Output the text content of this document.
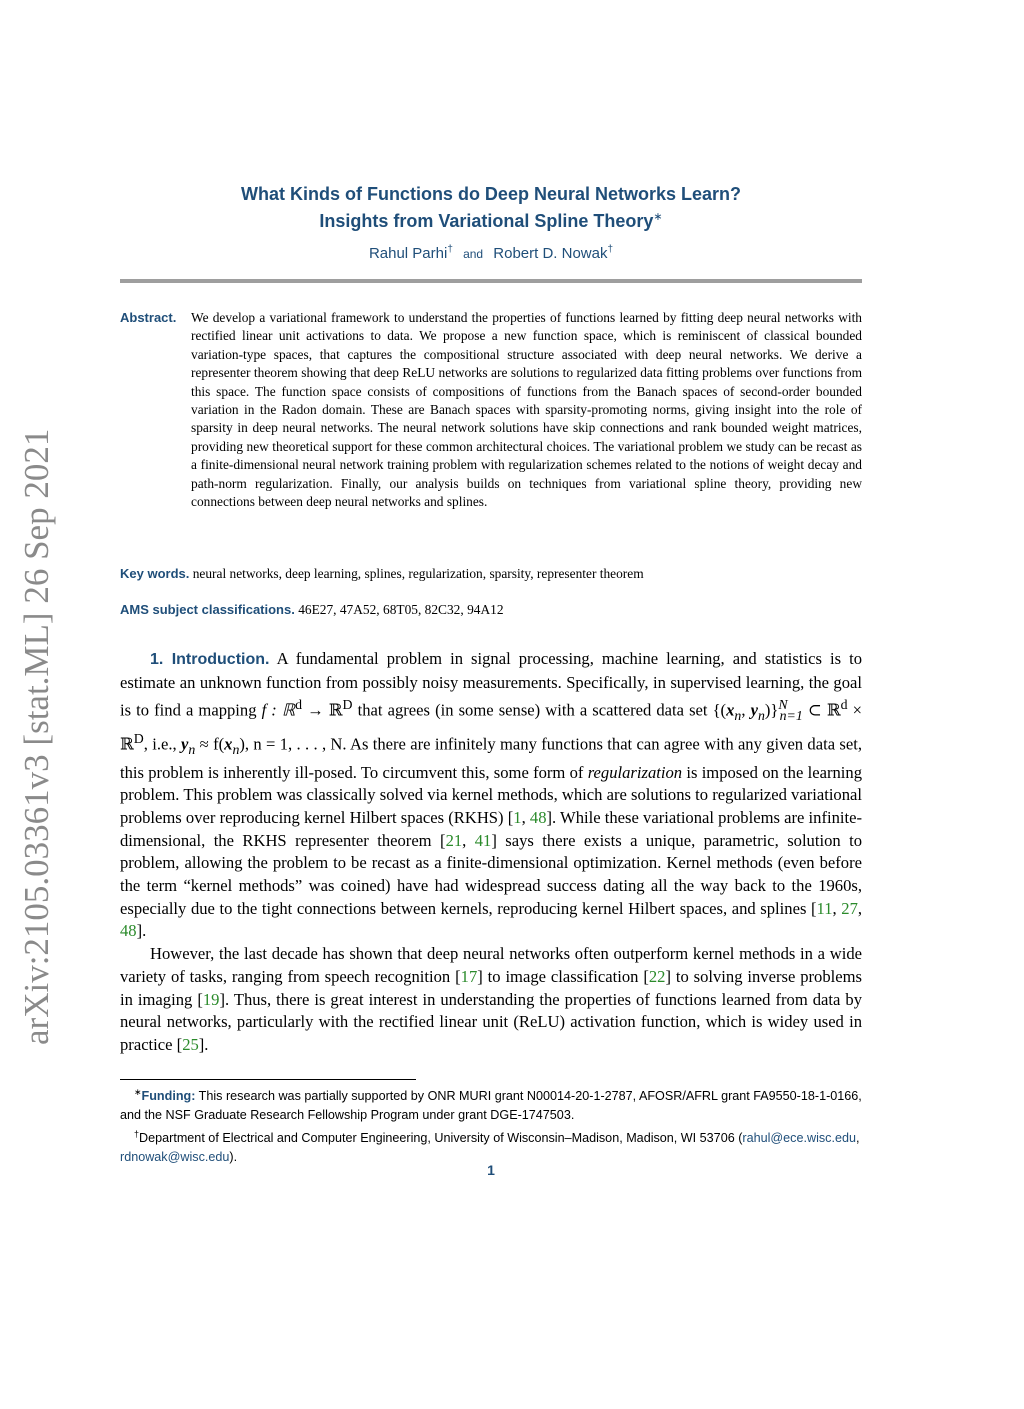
arXiv:2105.03361v3 [stat.ML] 26 Sep 2021
What Kinds of Functions do Deep Neural Networks Learn?
Insights from Variational Spline Theory∗
Rahul Parhi† and Robert D. Nowak†
Abstract. We develop a variational framework to understand the properties of functions learned by fitting deep neural networks with rectified linear unit activations to data. We propose a new function space, which is reminiscent of classical bounded variation-type spaces, that captures the compositional structure associated with deep neural networks. We derive a representer theorem showing that deep ReLU networks are solutions to regularized data fitting problems over functions from this space. The function space consists of compositions of functions from the Banach spaces of second-order bounded variation in the Radon domain. These are Banach spaces with sparsity-promoting norms, giving insight into the role of sparsity in deep neural networks. The neural network solutions have skip connections and rank bounded weight matrices, providing new theoretical support for these common architectural choices. The variational problem we study can be recast as a finite-dimensional neural network training problem with regularization schemes related to the notions of weight decay and path-norm regularization. Finally, our analysis builds on techniques from variational spline theory, providing new connections between deep neural networks and splines.
Key words. neural networks, deep learning, splines, regularization, sparsity, representer theorem
AMS subject classifications. 46E27, 47A52, 68T05, 82C32, 94A12

1. Introduction. A fundamental problem in signal processing, machine learning, and statistics is to estimate an unknown function from possibly noisy measurements. Specifically, in supervised learning, the goal is to find a mapping f : ℝ$^d$ → ℝ$^D$ that agrees (in some sense) with a scattered data set {($x_n$, $y_n)\}^N_{n=1}$ ⊂ ℝ$^d$ × ℝ$^D$, i.e., $y_n \approx f(x_n)$, n = 1, . . . , N. As there are infinitely many functions that can agree with any given data set, this problem is inherently ill-posed. To circumvent this, some form of regularization is imposed on the learning problem. This problem was classically solved via kernel methods, which are solutions to regularized variational problems over reproducing kernel Hilbert spaces (RKHS) [1, 48]. While these variational problems are infinite-dimensional, the RKHS representer theorem [21, 41] says there exists a unique, parametric, solution to problem, allowing the problem to be recast as a finite-dimensional optimization. Kernel methods (even before the term “kernel methods” was coined) have had widespread success dating all the way back to the 1960s, especially due to the tight connections between kernels, reproducing kernel Hilbert spaces, and splines [11, 27, 48].

However, the last decade has shown that deep neural networks often outperform kernel methods in a wide variety of tasks, ranging from speech recognition [17] to image classification [22] to solving inverse problems in imaging [19]. Thus, there is great interest in understanding the properties of functions learned from data by neural networks, particularly with the rectified linear unit (ReLU) activation function, which is widey used in practice [25].

∗Funding: This research was partially supported by ONR MURI grant N00014-20-1-2787, AFOSR/AFRL grant FA9550-18-1-0166, and the NSF Graduate Research Fellowship Program under grant DGE-1747503.

†Department of Electrical and Computer Engineering, University of Wisconsin–Madison, Madison, WI 53706 (rahul@ece.wisc.edu, rdnowak@wisc.edu).

1
